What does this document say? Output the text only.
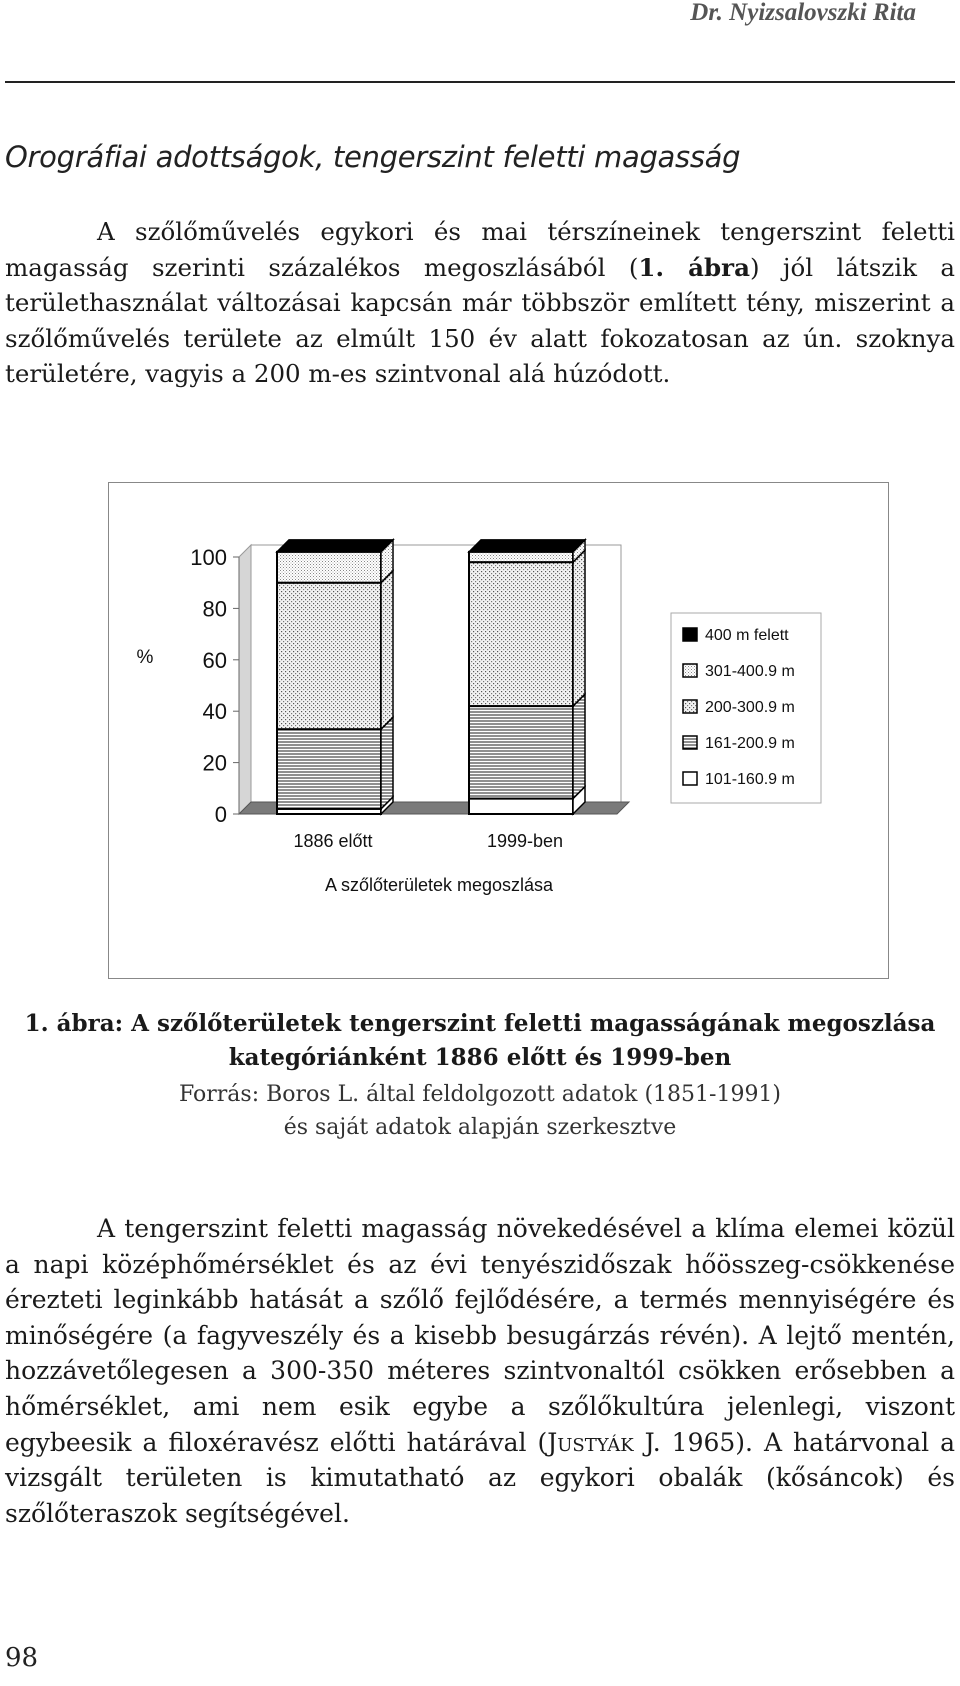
Dr. Nyizsalovszki Rita
Orográfiai adottságok, tengerszint feletti magasság

A szőlőművelés egykori és mai térszíneinek tengerszint feletti magasság szerinti százalékos megoszlásából (1. ábra) jól látszik a területhasználat változásai kapcsán már többször említett tény, miszerint a szőlőművelés területe az elmúlt 150 év alatt fokozatosan az ún. szoknya területére, vagyis a 200 m-es szintvonal alá húzódott.

0
20
40
60
80
100
%
1886 előtt	1999-ben
A szőlőterületek megoszlása
400 m felett
301-400.9 m
200-300.9 m
161-200.9 m
101-160.9 m

1. ábra: A szőlőterületek tengerszint feletti magasságának megoszlása
kategóriánként 1886 előtt és 1999-ben

Forrás: Boros L. által feldolgozott adatok (1851-1991)
és saját adatok alapján szerkesztve

A tengerszint feletti magasság növekedésével a klíma elemei közül a napi középhőmérséklet és az évi tenyészidőszak hőösszeg-csökkenése érezteti leginkább hatását a szőlő fejlődésére, a termés mennyiségére és minőségére (a fagyveszély és a kisebb besugárzás révén). A lejtő mentén, hozzávetőlegesen a 300-350 méteres szintvonaltól csökken erősebben a hőmérséklet, ami nem esik egybe a szőlőkultúra jelenlegi, viszont egybeesik a filoxéravész előtti határával (Justyák J. 1965). A határvonal a vizsgált területen is kimutatható az egykori obalák (kősáncok) és szőlőteraszok segítségével.

98
